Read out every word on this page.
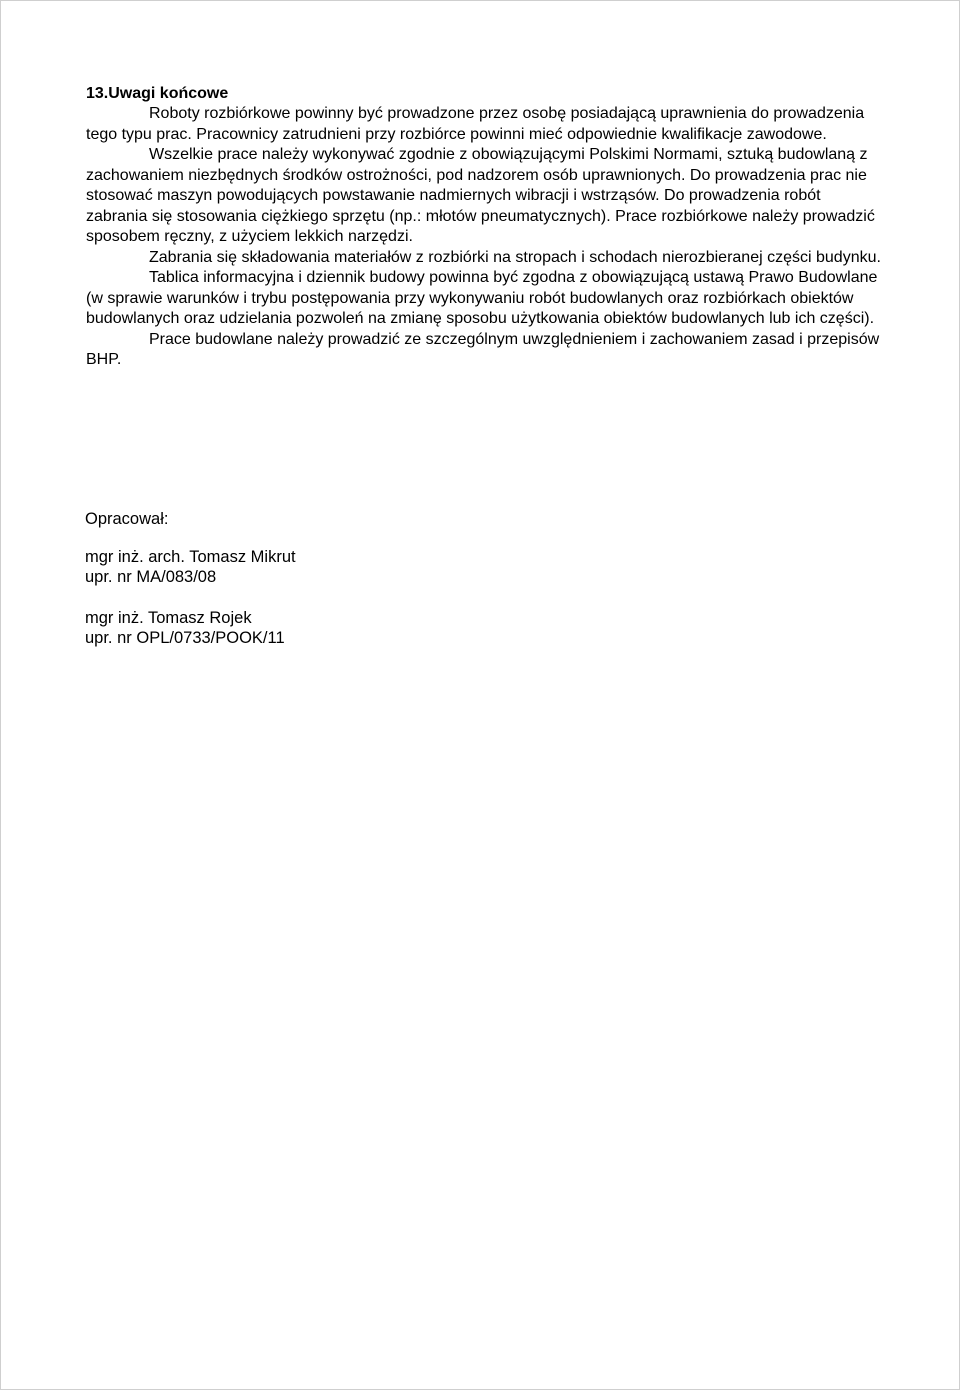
13.Uwagi końcowe

Roboty rozbiórkowe powinny być prowadzone przez osobę posiadającą uprawnienia do prowadzenia tego typu prac. Pracownicy zatrudnieni przy rozbiórce powinni mieć odpowiednie kwalifikacje zawodowe.

Wszelkie prace należy wykonywać zgodnie z obowiązującymi Polskimi Normami, sztuką budowlaną z zachowaniem niezbędnych środków ostrożności, pod nadzorem osób uprawnionych. Do prowadzenia prac nie stosować maszyn powodujących powstawanie nadmiernych wibracji i wstrząsów. Do prowadzenia robót zabrania się stosowania ciężkiego sprzętu (np.: młotów pneumatycznych). Prace rozbiórkowe należy prowadzić sposobem ręczny, z użyciem lekkich narzędzi.

Zabrania się składowania materiałów z rozbiórki na stropach i schodach nierozbieranej części budynku.

Tablica informacyjna i dziennik budowy powinna być zgodna z obowiązującą ustawą Prawo Budowlane (w sprawie warunków i trybu postępowania przy wykonywaniu robót budowlanych oraz rozbiórkach obiektów budowlanych oraz udzielania pozwoleń na zmianę sposobu użytkowania obiektów budowlanych lub ich części).

Prace budowlane należy prowadzić ze szczególnym uwzględnieniem i zachowaniem zasad i przepisów BHP.

Opracował:
mgr inż. arch. Tomasz Mikrut
upr. nr MA/083/08
mgr inż. Tomasz Rojek
upr. nr OPL/0733/POOK/11
